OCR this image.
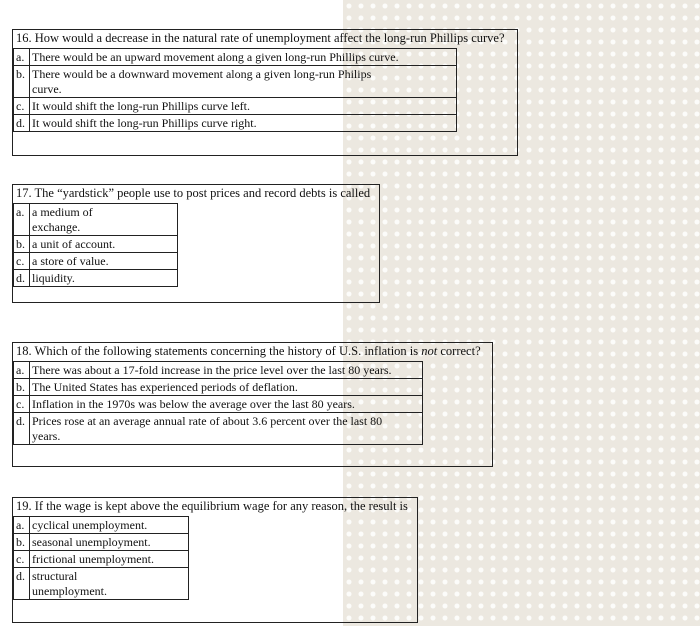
16. How would a decrease in the natural rate of unemployment affect the long-run Phillips curve?
a.	There would be an upward movement along a given long-run Phillips curve.
b.	There would be a downward movement along a given long-run Philips curve.
c.	It would shift the long-run Phillips curve left.
d.	It would shift the long-run Phillips curve right.
17. The “yardstick” people use to post prices and record debts is called
a.	a medium of exchange.
b.	a unit of account.
c.	a store of value.
d.	liquidity.
18. Which of the following statements concerning the history of U.S. inflation is not correct?
a.	There was about a 17-fold increase in the price level over the last 80 years.
b.	The United States has experienced periods of deflation.
c.	Inflation in the 1970s was below the average over the last 80 years.
d.	Prices rose at an average annual rate of about 3.6 percent over the last 80 years.
19. If the wage is kept above the equilibrium wage for any reason, the result is
a.	cyclical unemployment.
b.	seasonal unemployment.
c.	frictional unemployment.
d.	structural unemployment.
